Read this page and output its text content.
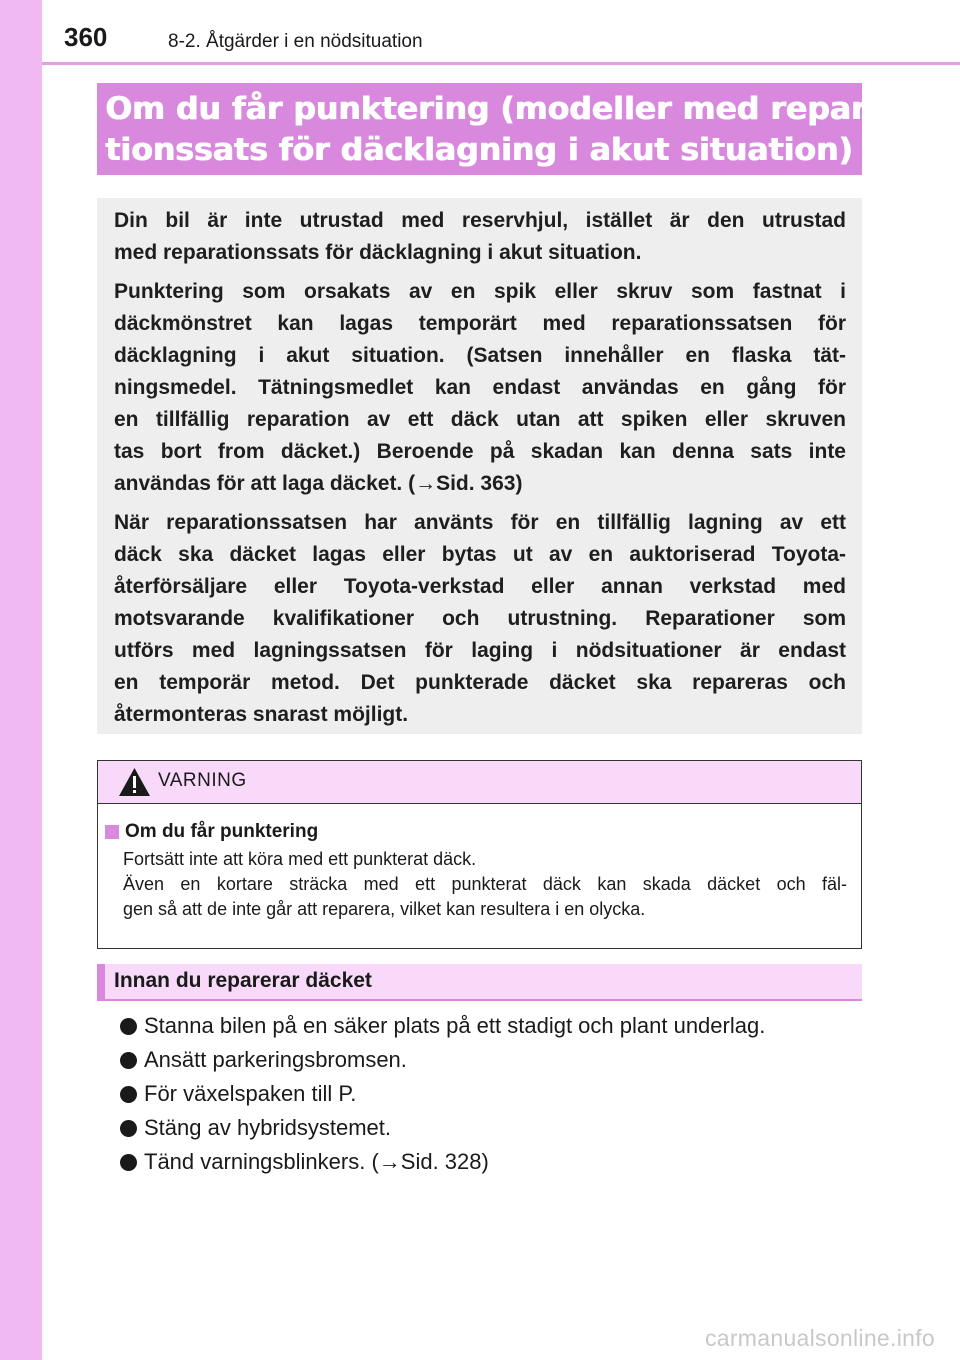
360	8-2. Åtgärder i en nödsituation

Om du får punktering (modeller med repara-

tionssats för däcklagning i akut situation)

Din bil är inte utrustad med reservhjul, istället är den utrustad
med reparationssats för däcklagning i akut situation.

Punktering som orsakats av en spik eller skruv som fastnat i
däckmönstret kan lagas temporärt med reparationssatsen för
däcklagning i akut situation. (Satsen innehåller en flaska tät-
ningsmedel. Tätningsmedlet kan endast användas en gång för
en tillfällig reparation av ett däck utan att spiken eller skruven
tas bort from däcket.) Beroende på skadan kan denna sats inte
användas för att laga däcket. (→Sid. 363)

När reparationssatsen har använts för en tillfällig lagning av ett
däck ska däcket lagas eller bytas ut av en auktoriserad Toyota-
återförsäljare eller Toyota-verkstad eller annan verkstad med
motsvarande kvalifikationer och utrustning. Reparationer som
utförs med lagningssatsen för laging i nödsituationer är endast
en temporär metod. Det punkterade däcket ska repareras och
återmonteras snarast möjligt.

VARNING
Om du får punktering
Fortsätt inte att köra med ett punkterat däck.
Även en kortare sträcka med ett punkterat däck kan skada däcket och fäl-
gen så att de inte går att reparera, vilket kan resultera i en olycka.
Innan du reparerar däcket
Stanna bilen på en säker plats på ett stadigt och plant underlag.
Ansätt parkeringsbromsen.
För växelspaken till P.
Stäng av hybridsystemet.
Tänd varningsblinkers. (→Sid. 328)
carmanualsonline.info
